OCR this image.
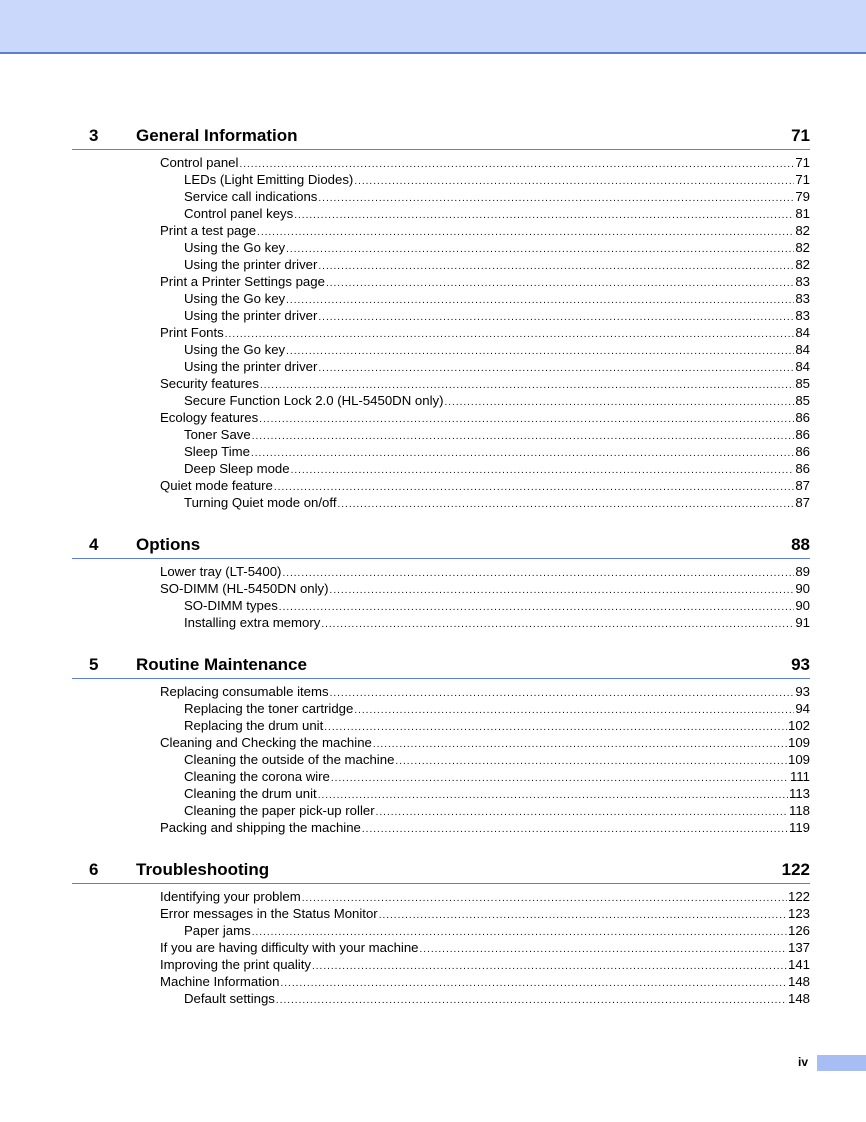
3 General Information	71
Control panel .....	71
LEDs (Light Emitting Diodes) .....	71
Service call indications .....	79
Control panel keys .....	81
Print a test page .....	82
Using the Go key .....	82
Using the printer driver .....	82
Print a Printer Settings page .....	83
Using the Go key .....	83
Using the printer driver .....	83
Print Fonts .....	84
Using the Go key .....	84
Using the printer driver .....	84
Security features .....	85
Secure Function Lock 2.0 (HL-5450DN only) .....	85
Ecology features .....	86
Toner Save .....	86
Sleep Time .....	86
Deep Sleep mode .....	86
Quiet mode feature .....	87
Turning Quiet mode on/off .....	87
4 Options	88
Lower tray (LT-5400) .....	89
SO-DIMM (HL-5450DN only) .....	90
SO-DIMM types .....	90
Installing extra memory .....	91
5 Routine Maintenance	93
Replacing consumable items .....	93
Replacing the toner cartridge .....	94
Replacing the drum unit .....	102
Cleaning and Checking the machine .....	109
Cleaning the outside of the machine .....	109
Cleaning the corona wire .....	111
Cleaning the drum unit .....	113
Cleaning the paper pick-up roller .....	118
Packing and shipping the machine .....	119
6 Troubleshooting	122
Identifying your problem .....	122
Error messages in the Status Monitor .....	123
Paper jams .....	126
If you are having difficulty with your machine .....	137
Improving the print quality .....	141
Machine Information .....	148
Default settings .....	148
iv
